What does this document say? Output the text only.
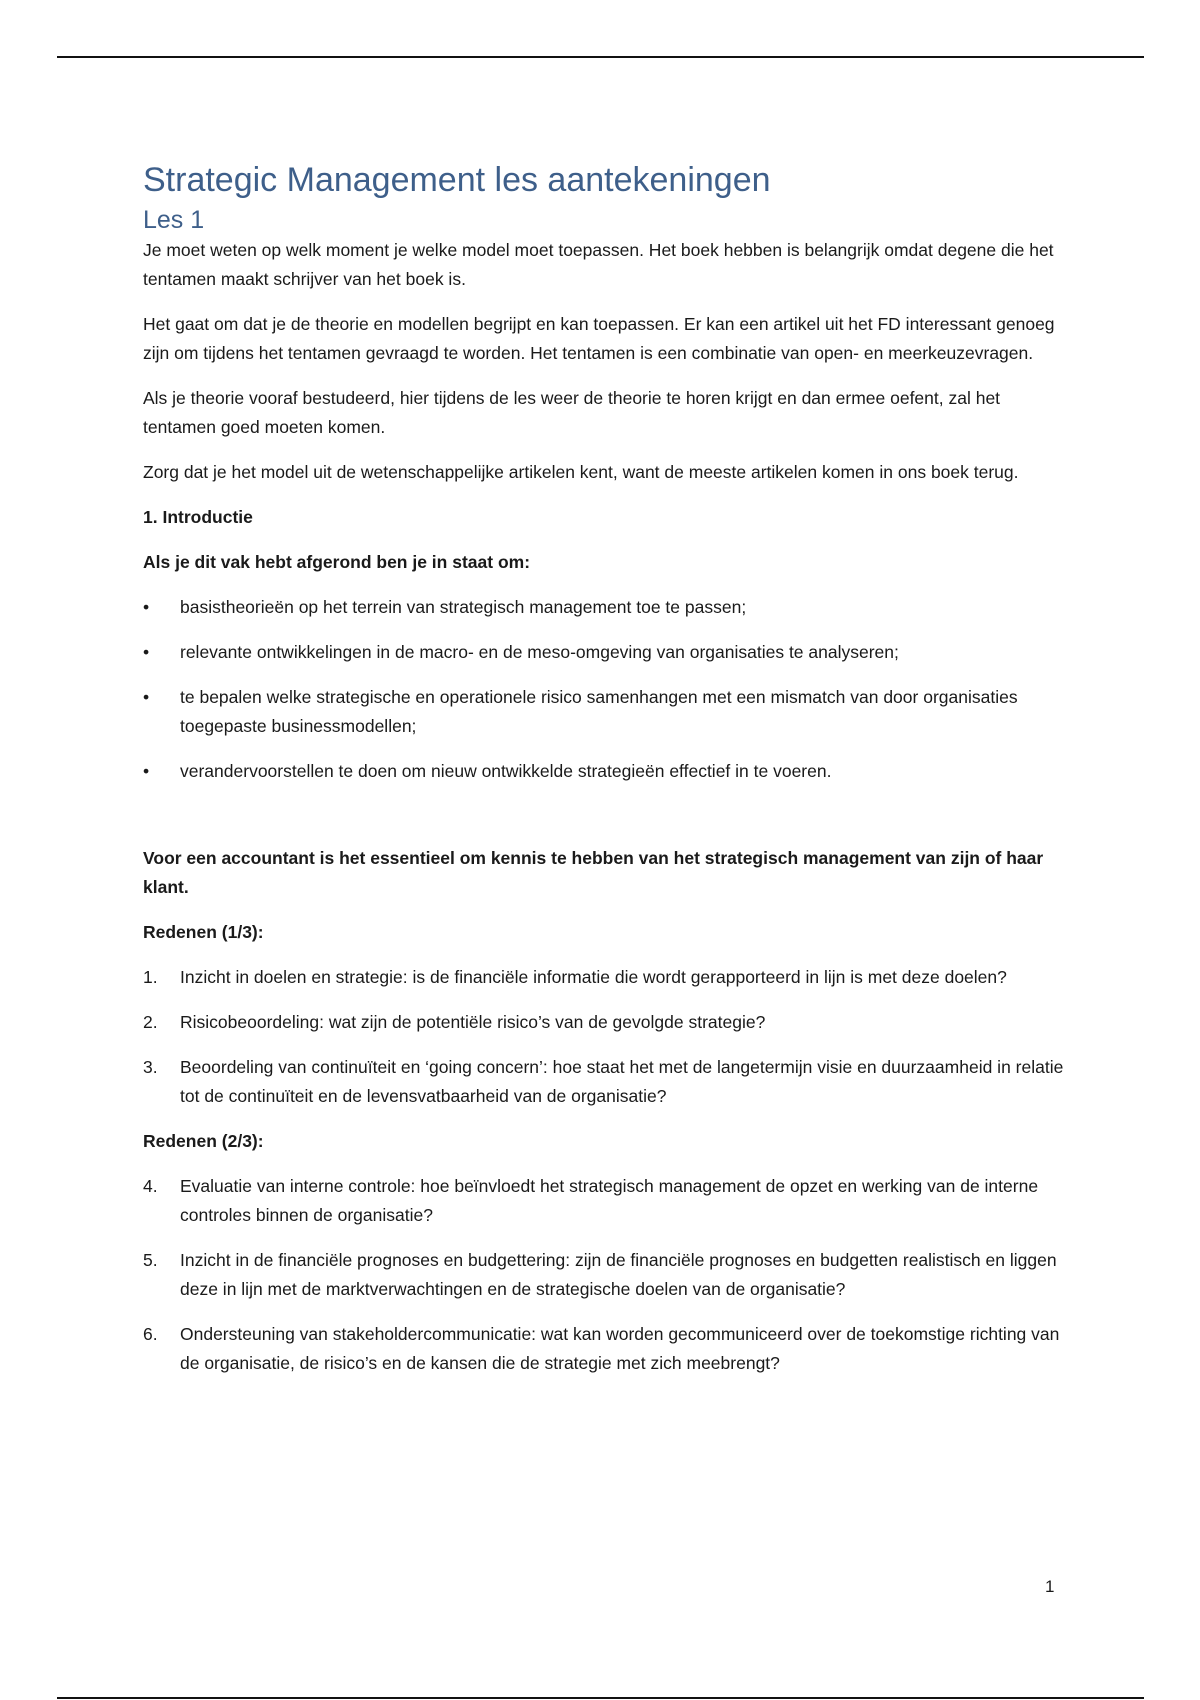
Strategic Management les aantekeningen
Les 1

Je moet weten op welk moment je welke model moet toepassen. Het boek hebben is belangrijk omdat degene die het tentamen maakt schrijver van het boek is.

Het gaat om dat je de theorie en modellen begrijpt en kan toepassen. Er kan een artikel uit het FD interessant genoeg zijn om tijdens het tentamen gevraagd te worden. Het tentamen is een combinatie van open- en meerkeuzevragen.

Als je theorie vooraf bestudeerd, hier tijdens de les weer de theorie te horen krijgt en dan ermee oefent, zal het tentamen goed moeten komen.

Zorg dat je het model uit de wetenschappelijke artikelen kent, want de meeste artikelen komen in ons boek terug.

1. Introductie

Als je dit vak hebt afgerond ben je in staat om:

• basistheorieën op het terrein van strategisch management toe te passen;
• relevante ontwikkelingen in de macro- en de meso-omgeving van organisaties te analyseren;
• te bepalen welke strategische en operationele risico samenhangen met een mismatch van door organisaties toegepaste businessmodellen;
• verandervoorstellen te doen om nieuw ontwikkelde strategieën effectief in te voeren.

Voor een accountant is het essentieel om kennis te hebben van het strategisch management van zijn of haar klant.

Redenen (1/3):

1. Inzicht in doelen en strategie: is de financiële informatie die wordt gerapporteerd in lijn is met deze doelen?
2. Risicobeoordeling: wat zijn de potentiële risico’s van de gevolgde strategie?
3. Beoordeling van continuïteit en ‘going concern’: hoe staat het met de langetermijn visie en duurzaamheid in relatie tot de continuïteit en de levensvatbaarheid van de organisatie?

Redenen (2/3):

4. Evaluatie van interne controle: hoe beïnvloedt het strategisch management de opzet en werking van de interne controles binnen de organisatie?
5. Inzicht in de financiële prognoses en budgettering: zijn de financiële prognoses en budgetten realistisch en liggen deze in lijn met de marktverwachtingen en de strategische doelen van de organisatie?
6. Ondersteuning van stakeholdercommunicatie: wat kan worden gecommuniceerd over de toekomstige richting van de organisatie, de risico’s en de kansen die de strategie met zich meebrengt?
1
